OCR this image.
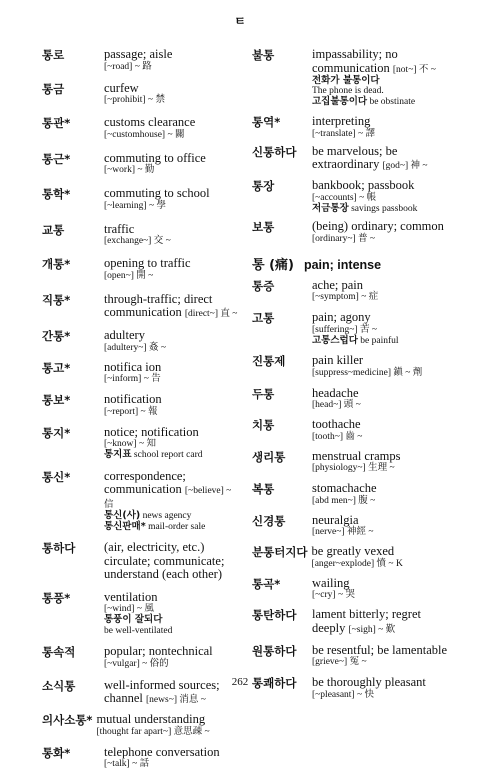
ㅌ
통로	passage; aisle
[~road] ~ 路
통금	curfew
[~prohibit] ~ 禁
통관*	customs clearance
[~customhouse] ~ 關
통근*	commuting to office
[~work] ~ 勤
통학*	commuting to school
[~learning] ~ 學
교통	traffic
[exchange~] 交 ~
개통*	opening to traffic
[open~] 開 ~
직통*	through-traffic; direct
communication [direct~] 直 ~
간통*	adultery
[adultery~] 姦 ~
통고*	notifica ion
[~inform] ~ 告
통보*	notification
[~report] ~ 報
통지*	notice; notification
[~know] ~ 知
통지표 school report card
통신*	correspondence;
communication [~believe] ~ 信
통신(사) news agency
통신판매* mail-order sale
통하다	(air, electricity, etc.)
circulate; communicate;
understand (each other)
통풍*	ventilation
[~wind] ~ 風
통풍이 잘되다
be well-ventilated
통속적	popular; nontechnical
[~vulgar] ~ 俗的
소식통	well-informed sources;
channel [news~] 消息 ~
의사소통* mutual understanding
[thought far apart~] 意思疎 ~
통화*	telephone conversation
[~talk] ~ 話
불통	impassability; no
communication [not~] 不 ~
전화가 불통이다
The phone is dead.
고집불통이다 be obstinate
통역*	interpreting
[~translate] ~ 譯
신통하다	be marvelous; be
extraordinary [god~] 神 ~
통장	bankbook; passbook
[~accounts] ~ 帳
저금통장 savings passbook
보통	(being) ordinary; common
[ordinary~] 普 ~
통 (痛) pain; intense
통증	ache; pain
[~symptom] ~ 症
고통	pain; agony
[suffering~] 苦 ~
고통스럽다 be painful
진통제	pain killer
[suppress~medicine] 鎭 ~ 劑
두통	headache
[head~] 頭 ~
치통	toothache
[tooth~] 齒 ~
생리통	menstrual cramps
[physiology~] 生理 ~
복통	stomachache
[abd men~] 腹 ~
신경통	neuralgia
[nerve~] 神經 ~
분통터지다 be greatly vexed
[anger~explode] 憤 ~ K
통곡*	wailing
[~cry] ~ 哭
통탄하다	lament bitterly; regret
deeply [~sigh] ~ 歎
원통하다	be resentful; be lamentable
[grieve~] 冤 ~
통쾌하다	be thoroughly pleasant
[~pleasant] ~ 快
262
